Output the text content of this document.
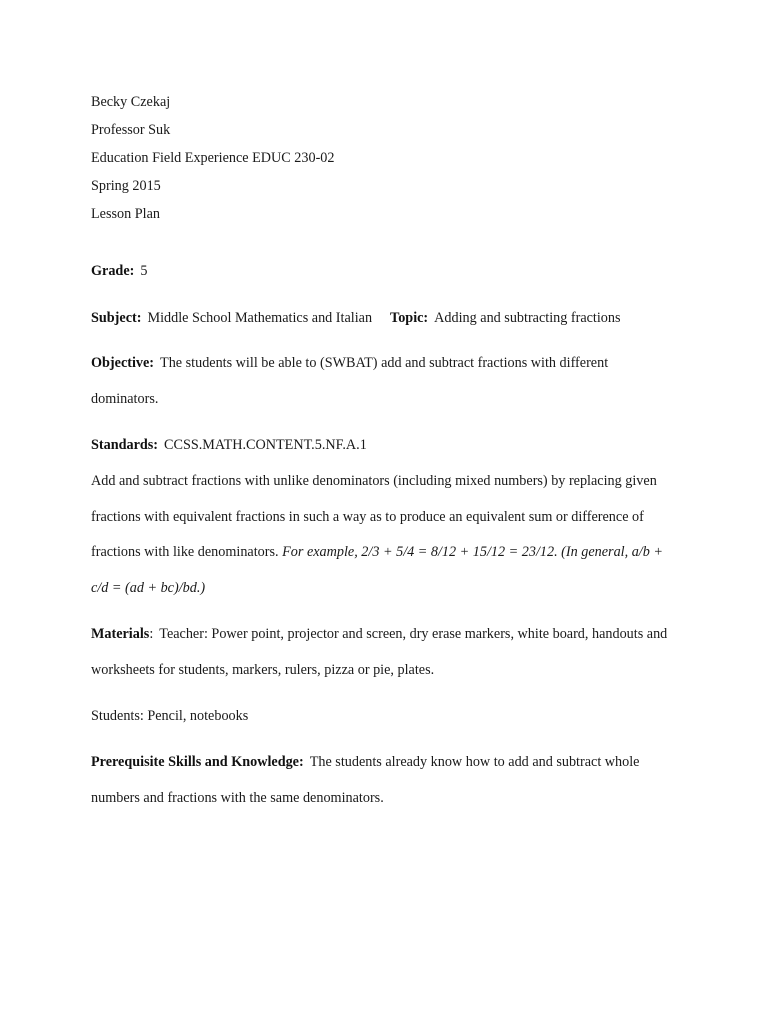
Becky Czekaj
Professor Suk
Education Field Experience EDUC 230-02
Spring 2015
Lesson Plan
Grade: 5
Subject: Middle School Mathematics and Italian Topic: Adding and subtracting fractions
Objective: The students will be able to (SWBAT) add and subtract fractions with different dominators.
Standards: CCSS.MATH.CONTENT.5.NF.A.1
Add and subtract fractions with unlike denominators (including mixed numbers) by replacing given fractions with equivalent fractions in such a way as to produce an equivalent sum or difference of fractions with like denominators. For example, 2/3 + 5/4 = 8/12 + 15/12 = 23/12. (In general, a/b + c/d = (ad + bc)/bd.)
Materials: Teacher: Power point, projector and screen, dry erase markers, white board, handouts and worksheets for students, markers, rulers, pizza or pie, plates.
Students: Pencil, notebooks
Prerequisite Skills and Knowledge: The students already know how to add and subtract whole numbers and fractions with the same denominators.
